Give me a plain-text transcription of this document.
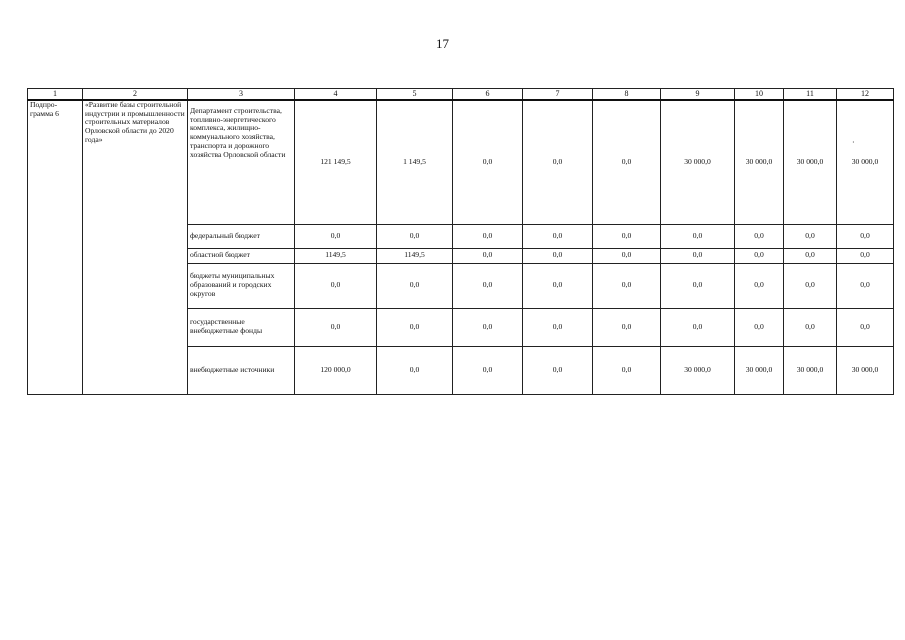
17
1	2	3	4	5	6	7	8	9	10	11	12
Подпро-грамма 6	«Развитие базы строительной индустрии и промышленности строительных материалов Орловской области до 2020 года»	Департамент строительства, топливно-энергетического комплекса, жилищно-коммунального хозяйства, транспорта и дорожного хозяйства Орловской области	121 149,5	1 149,5	0,0	0,0	0,0	30 000,0	30 000,0	30 000,0	30 000,0
		федеральный бюджет	0,0	0,0	0,0	0,0	0,0	0,0	0,0	0,0	0,0
		областной бюджет	1149,5	1149,5	0,0	0,0	0,0	0,0	0,0	0,0	0,0
		бюджеты муниципальных образований и городских округов	0,0	0,0	0,0	0,0	0,0	0,0	0,0	0,0	0,0
		государственные внебюджетные фонды	0,0	0,0	0,0	0,0	0,0	0,0	0,0	0,0	0,0
		внебюджетные источники	120 000,0	0,0	0,0	0,0	0,0	30 000,0	30 000,0	30 000,0	30 000,0
·
